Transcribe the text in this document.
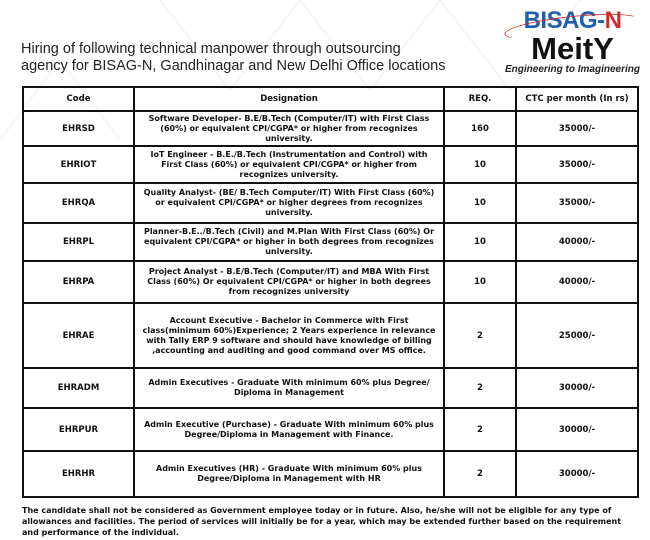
Hiring of following technical manpower through outsourcing
agency for BISAG-N, Gandhinagar and New Delhi Office locations
BISAG-N
MeitY
Engineering to Imagineering
Code	Designation	REQ.	CTC per month (In rs)
EHRSD	Software Developer- B.E/B.Tech (Computer/IT) with First Class (60%) or equivalent CPI/CGPA* or higher from recognizes university.	160	35000/-
EHRIOT	IoT Engineer - B.E./B.Tech (Instrumentation and Control) with First Class (60%) or equivalent CPI/CGPA* or higher from recognizes university.	10	35000/-
EHRQA	Quality Analyst- (BE/ B.Tech Computer/IT) With First Class (60%) or equivalent CPI/CGPA* or higher degrees from recognizes university.	10	35000/-
EHRPL	Planner-B.E../B.Tech (Civil) and M.Plan With First Class (60%) Or equivalent CPI/CGPA* or higher in both degrees from recognizes university.	10	40000/-
EHRPA	Project Analyst - B.E/B.Tech (Computer/IT) and MBA With First Class (60%) Or equivalent CPI/CGPA* or higher in both degrees from recognizes university	10	40000/-
EHRAE	Account Executive - Bachelor in Commerce with First class(minimum 60%)Experience; 2 Years experience in relevance with Tally ERP 9 software and should have knowledge of billing ,accounting and auditing and good command over MS office.	2	25000/-
EHRADM	Admin Executives - Graduate With minimum 60% plus Degree/ Diploma in Management	2	30000/-
EHRPUR	Admin Executive (Purchase) - Graduate With minimum 60% plus Degree/Diploma in Management with Finance.	2	30000/-
EHRHR	Admin Executives (HR) - Graduate With minimum 60% plus Degree/Diploma in Management with HR	2	30000/-
The candidate shall not be considered as Government employee today or in future. Also, he/she will not be eligible for any type of allowances and facilities. The period of services will initially be for a year, which may be extended further based on the requirement and performance of the individual.
